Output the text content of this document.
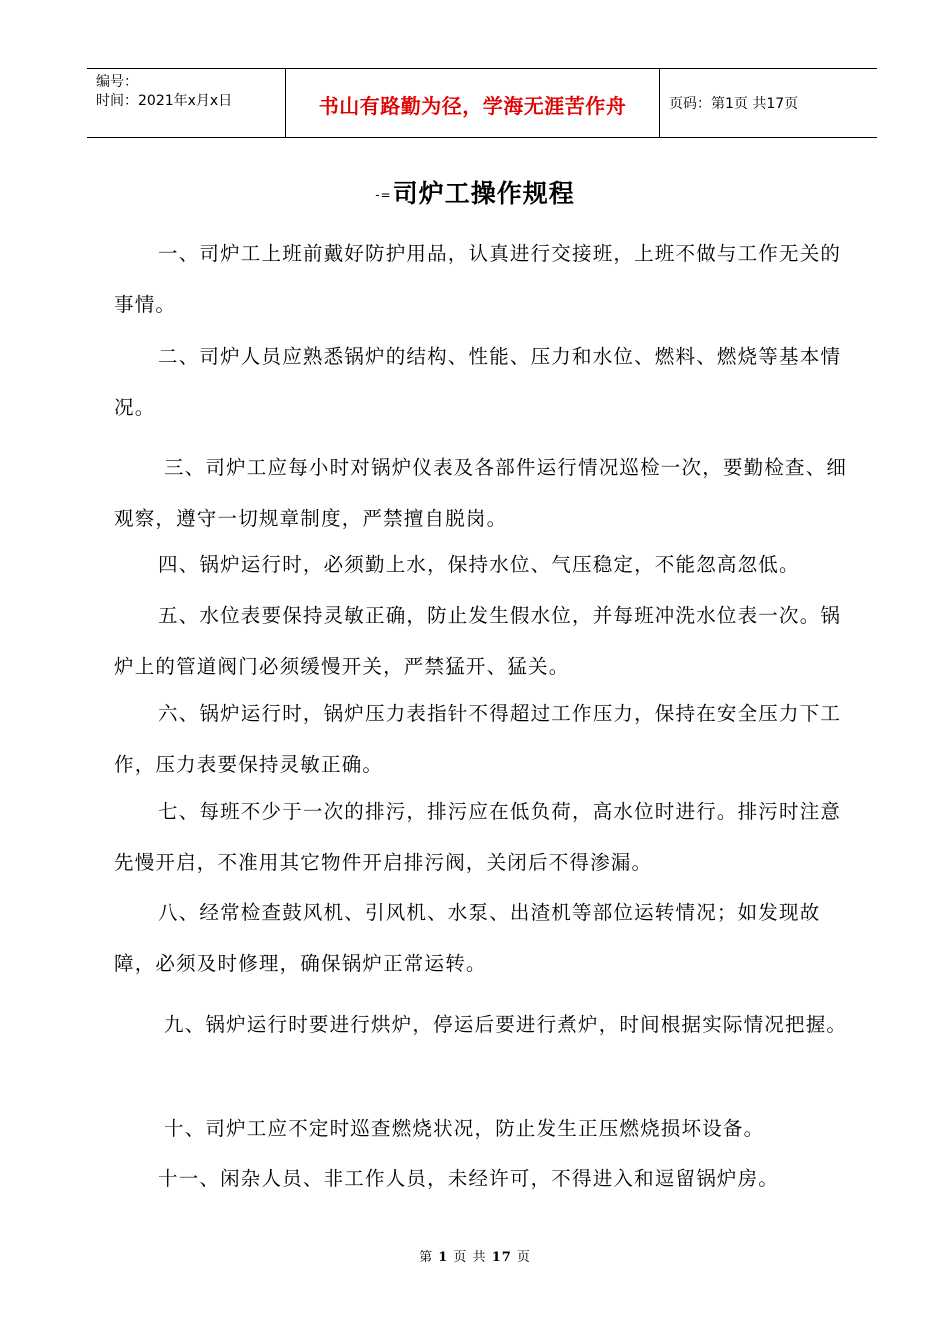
编号：
时间：2021年x月x日	书山有路勤为径，学海无涯苦作舟	页码：第1页 共17页
-=司炉工操作规程

一、司炉工上班前戴好防护用品，认真进行交接班，上班不做与工作无关的事情。

二、司炉人员应熟悉锅炉的结构、性能、压力和水位、燃料、燃烧等基本情况。

三、司炉工应每小时对锅炉仪表及各部件运行情况巡检一次，要勤检查、细观察，遵守一切规章制度，严禁擅自脱岗。

四、锅炉运行时，必须勤上水，保持水位、气压稳定，不能忽高忽低。

五、水位表要保持灵敏正确，防止发生假水位，并每班冲洗水位表一次。锅炉上的管道阀门必须缓慢开关，严禁猛开、猛关。

六、锅炉运行时，锅炉压力表指针不得超过工作压力，保持在安全压力下工作，压力表要保持灵敏正确。

七、每班不少于一次的排污，排污应在低负荷，高水位时进行。排污时注意先慢开启，不准用其它物件开启排污阀，关闭后不得渗漏。

八、经常检查鼓风机、引风机、水泵、出渣机等部位运转情况；如发现故障，必须及时修理，确保锅炉正常运转。

九、锅炉运行时要进行烘炉，停运后要进行煮炉，时间根据实际情况把握。

十、司炉工应不定时巡查燃烧状况，防止发生正压燃烧损坏设备。

十一、闲杂人员、非工作人员，未经许可，不得进入和逗留锅炉房。

第 1 页 共 17 页
